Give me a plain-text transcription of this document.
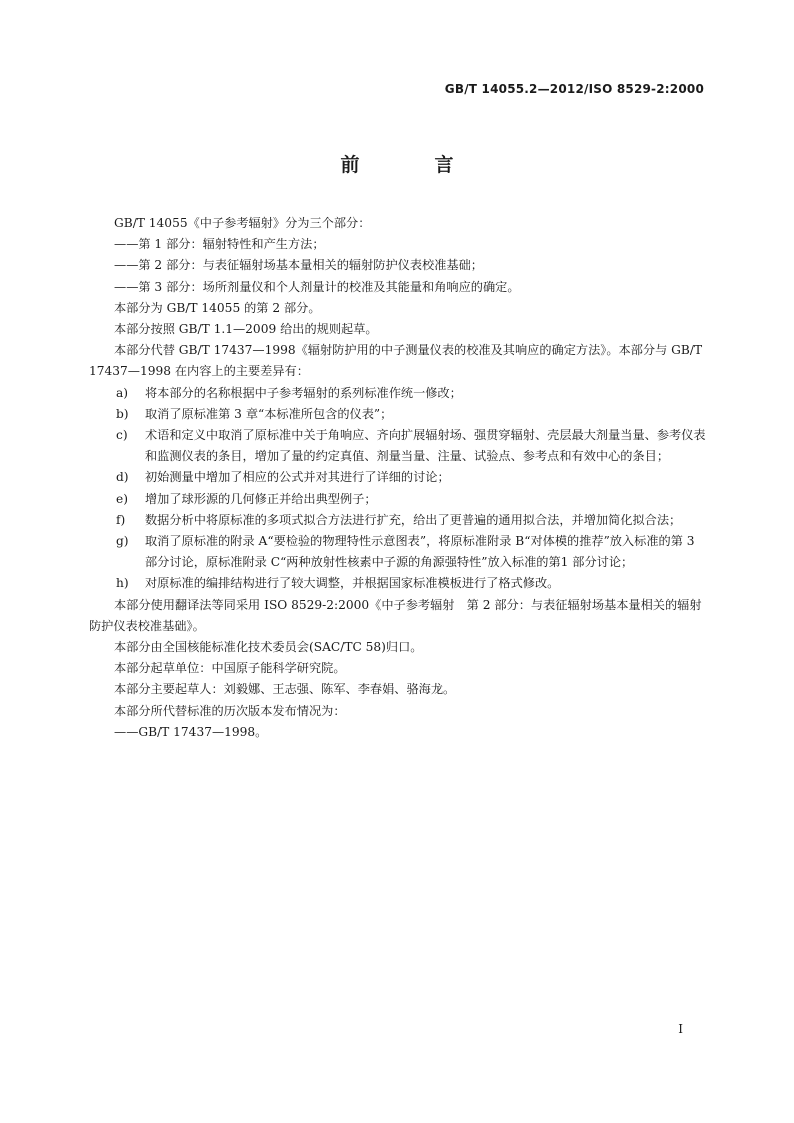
GB/T 14055.2—2012/ISO 8529-2:2000
前　言

GB/T 14055《中子参考辐射》分为三个部分：

——第 1 部分：辐射特性和产生方法；

——第 2 部分：与表征辐射场基本量相关的辐射防护仪表校准基础；

——第 3 部分：场所剂量仪和个人剂量计的校准及其能量和角响应的确定。

本部分为 GB/T 14055 的第 2 部分。

本部分按照 GB/T 1.1—2009 给出的规则起草。

本部分代替 GB/T 17437—1998《辐射防护用的中子测量仪表的校准及其响应的确定方法》。本部分与 GB/T 17437—1998 在内容上的主要差异有：

a) 将本部分的名称根据中子参考辐射的系列标准作统一修改；
b) 取消了原标准第 3 章“本标准所包含的仪表”；
c) 术语和定义中取消了原标准中关于角响应、齐向扩展辐射场、强贯穿辐射、壳层最大剂量当量、参考仪表和监测仪表的条目，增加了量的约定真值、剂量当量、注量、试验点、参考点和有效中心的条目；
d) 初始测量中增加了相应的公式并对其进行了详细的讨论；
e) 增加了球形源的几何修正并给出典型例子；
f) 数据分析中将原标准的多项式拟合方法进行扩充，给出了更普遍的通用拟合法，并增加简化拟合法；
g) 取消了原标准的附录 A“要检验的物理特性示意图表”，将原标准附录 B“对体模的推荐”放入标准的第 3 部分讨论，原标准附录 C“两种放射性核素中子源的角源强特性”放入标准的第1 部分讨论；
h) 对原标准的编排结构进行了较大调整，并根据国家标准模板进行了格式修改。

本部分使用翻译法等同采用 ISO 8529-2:2000《中子参考辐射　第 2 部分：与表征辐射场基本量相关的辐射防护仪表校准基础》。

本部分由全国核能标准化技术委员会(SAC/TC 58)归口。

本部分起草单位：中国原子能科学研究院。

本部分主要起草人：刘毅娜、王志强、陈军、李春娟、骆海龙。

本部分所代替标准的历次版本发布情况为：

——GB/T 17437—1998。

I
